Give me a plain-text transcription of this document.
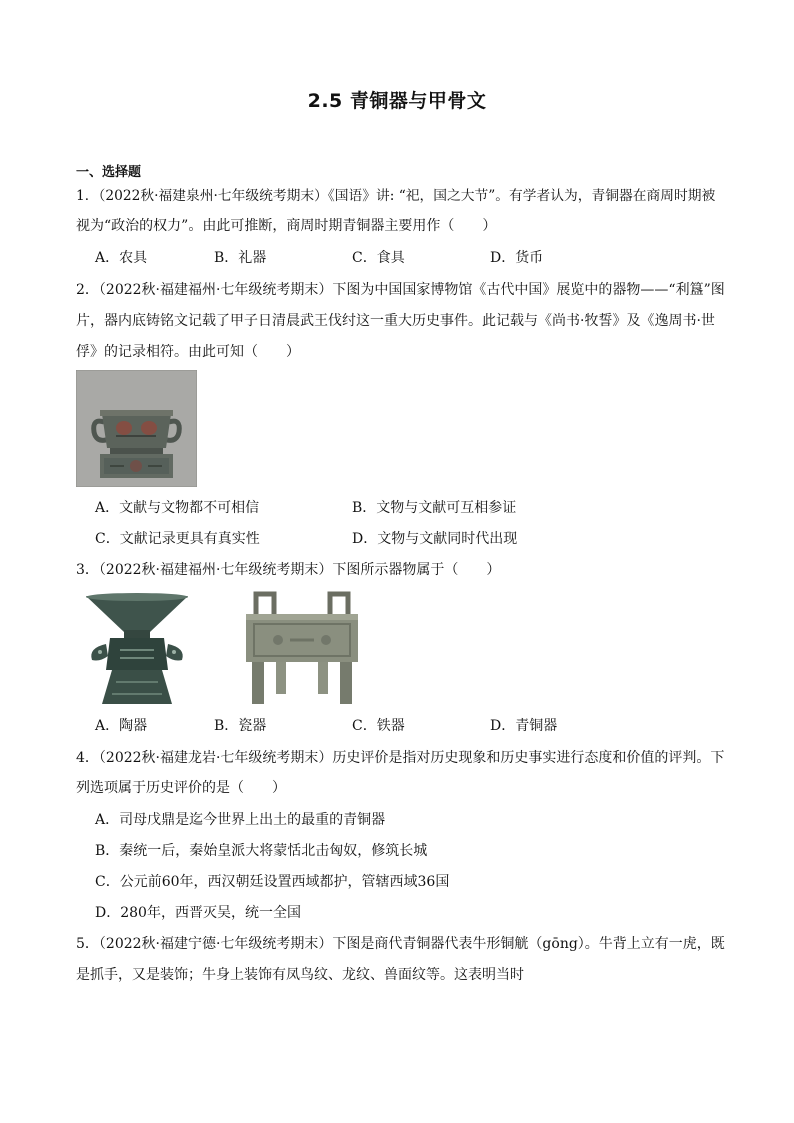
2.5 青铜器与甲骨文
一、选择题
1．（2022秋·福建泉州·七年级统考期末）《国语》讲: “祀，国之大节”。有学者认为，青铜器在商周时期被
视为“政治的权力”。由此可推断，商周时期青铜器主要用作（　　）
A．农具	B．礼器	C．食具	D．货币
2．（2022秋·福建福州·七年级统考期末）下图为中国国家博物馆《古代中国》展览中的器物——“利簋”图
片，器内底铸铭文记载了甲子日清晨武王伐纣这一重大历史事件。此记载与《尚书·牧誓》及《逸周书·世
俘》的记录相符。由此可知（　　）
A．文献与文物都不可相信	B．文物与文献可互相参证
C．文献记录更具有真实性	D．文物与文献同时代出现
3．（2022秋·福建福州·七年级统考期末）下图所示器物属于（　　）
A．陶器	B．瓷器	C．铁器	D．青铜器
4．（2022秋·福建龙岩·七年级统考期末）历史评价是指对历史现象和历史事实进行态度和价值的评判。下
列选项属于历史评价的是（　　）
A．司母戊鼎是迄今世界上出土的最重的青铜器
B．秦统一后，秦始皇派大将蒙恬北击匈奴，修筑长城
C．公元前60年，西汉朝廷设置西域都护，管辖西域36国
D．280年，西晋灭吴，统一全国
5．（2022秋·福建宁德·七年级统考期末）下图是商代青铜器代表牛形铜觥（gōng）。牛背上立有一虎，既
是抓手，又是装饰；牛身上装饰有凤鸟纹、龙纹、兽面纹等。这表明当时
